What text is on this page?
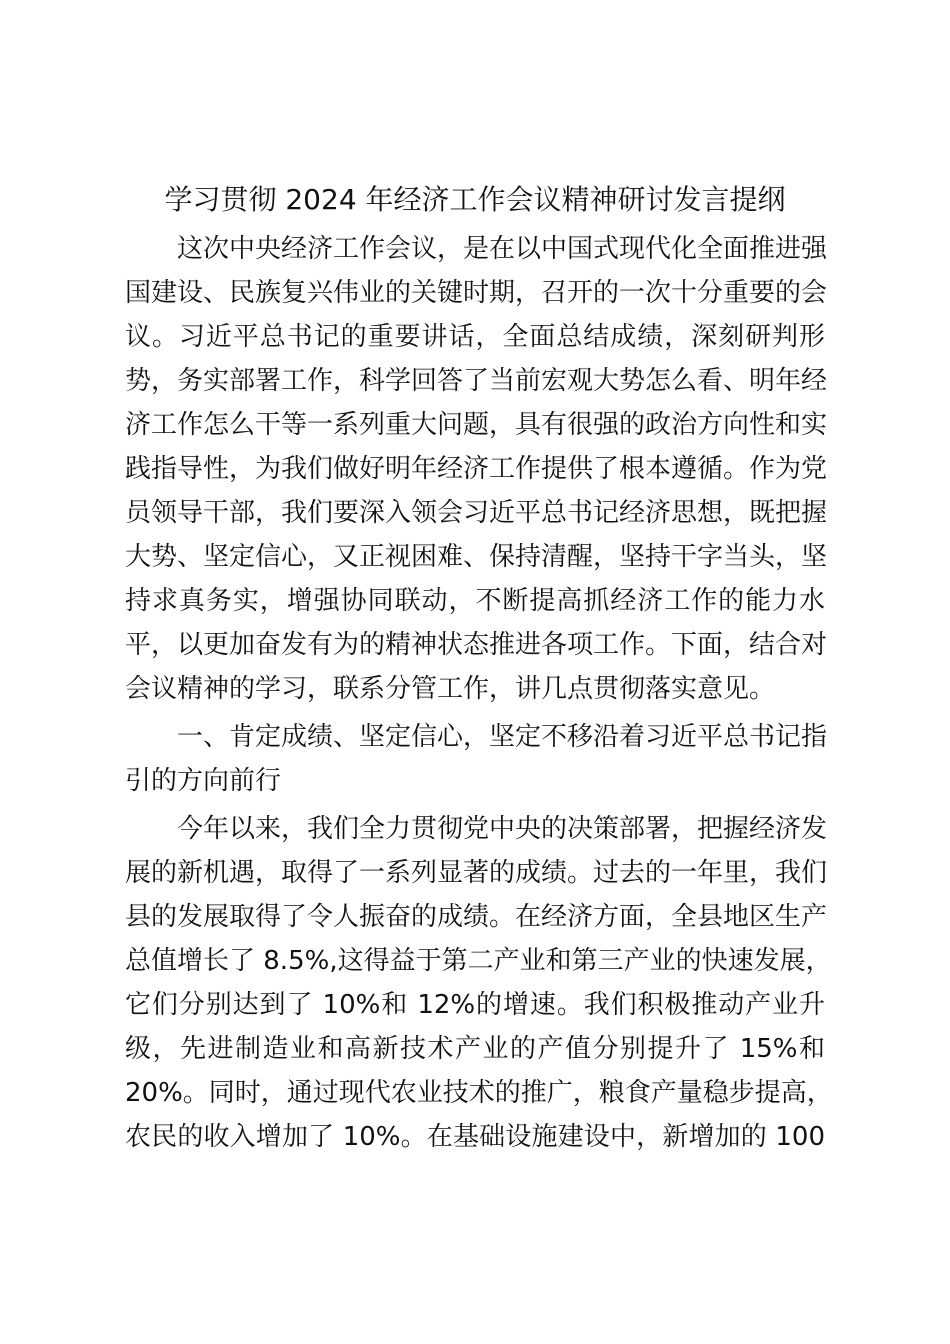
学习贯彻 2024 年经济工作会议精神研讨发言提纲
这次中央经济工作会议，是在以中国式现代化全面推进强
国建设、民族复兴伟业的关键时期，召开的一次十分重要的会
议。习近平总书记的重要讲话，全面总结成绩，深刻研判形
势，务实部署工作，科学回答了当前宏观大势怎么看、明年经
济工作怎么干等一系列重大问题，具有很强的政治方向性和实
践指导性，为我们做好明年经济工作提供了根本遵循。作为党
员领导干部，我们要深入领会习近平总书记经济思想，既把握
大势、坚定信心，又正视困难、保持清醒，坚持干字当头，坚
持求真务实，增强协同联动，不断提高抓经济工作的能力水
平，以更加奋发有为的精神状态推进各项工作。下面，结合对
会议精神的学习，联系分管工作，讲几点贯彻落实意见。
一、肯定成绩、坚定信心，坚定不移沿着习近平总书记指
引的方向前行
今年以来，我们全力贯彻党中央的决策部署，把握经济发
展的新机遇，取得了一系列显著的成绩。过去的一年里，我们
县的发展取得了令人振奋的成绩。在经济方面，全县地区生产
总值增长了 8.5%,这得益于第二产业和第三产业的快速发展，
它们分别达到了 10%和 12%的增速。我们积极推动产业升
级，先进制造业和高新技术产业的产值分别提升了 15%和
20%。同时，通过现代农业技术的推广，粮食产量稳步提高，
农民的收入增加了 10%。在基础设施建设中，新增加的 100
